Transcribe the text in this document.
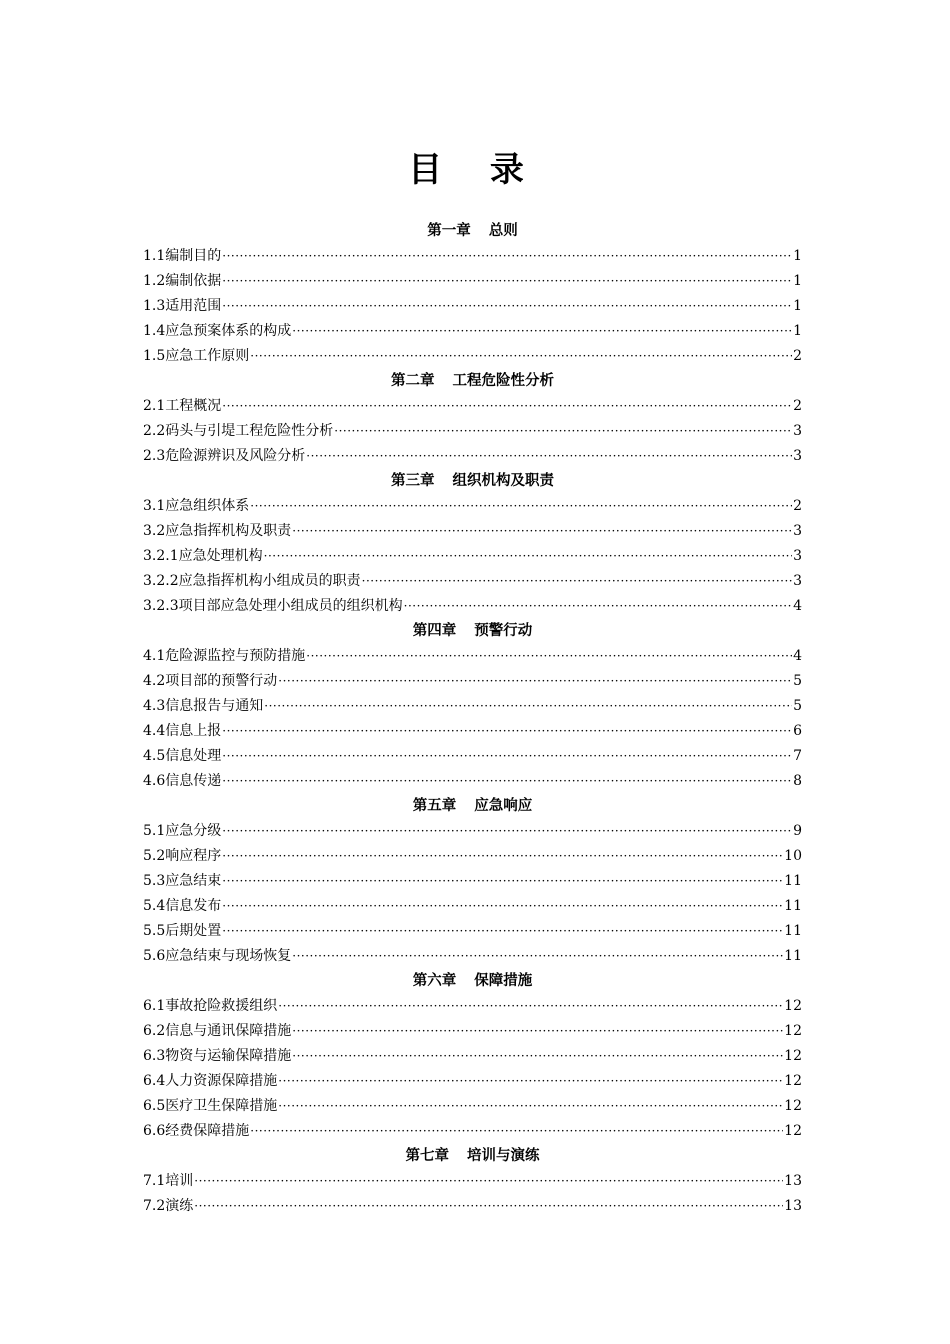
目 录
第一章 总则
1.1编制目的 ·····	1
1.2编制依据 ·····	1
1.3适用范围 ·····	1
1.4应急预案体系的构成 ·····	1
1.5应急工作原则 ·····	2
第二章 工程危险性分析
2.1工程概况 ·····	2
2.2码头与引堤工程危险性分析 ·····	3
2.3危险源辨识及风险分析 ·····	3
第三章 组织机构及职责
3.1应急组织体系 ·····	2
3.2应急指挥机构及职责 ·····	3
3.2.1应急处理机构 ·····	3
3.2.2应急指挥机构小组成员的职责 ·····	3
3.2.3项目部应急处理小组成员的组织机构 ·····	4
第四章 预警行动
4.1危险源监控与预防措施 ·····	4
4.2项目部的预警行动 ·····	5
4.3信息报告与通知 ·····	5
4.4信息上报 ·····	6
4.5信息处理 ·····	7
4.6信息传递 ·····	8
第五章 应急响应
5.1应急分级 ·····	9
5.2响应程序 ·····	10
5.3应急结束 ·····	11
5.4信息发布 ·····	11
5.5后期处置 ·····	11
5.6应急结束与现场恢复 ·····	11
第六章 保障措施
6.1事故抢险救援组织 ·····	12
6.2信息与通讯保障措施 ·····	12
6.3物资与运输保障措施 ·····	12
6.4人力资源保障措施 ·····	12
6.5医疗卫生保障措施 ·····	12
6.6经费保障措施 ·····	12
第七章 培训与演练
7.1培训 ·····	13
7.2演练 ·····	13
